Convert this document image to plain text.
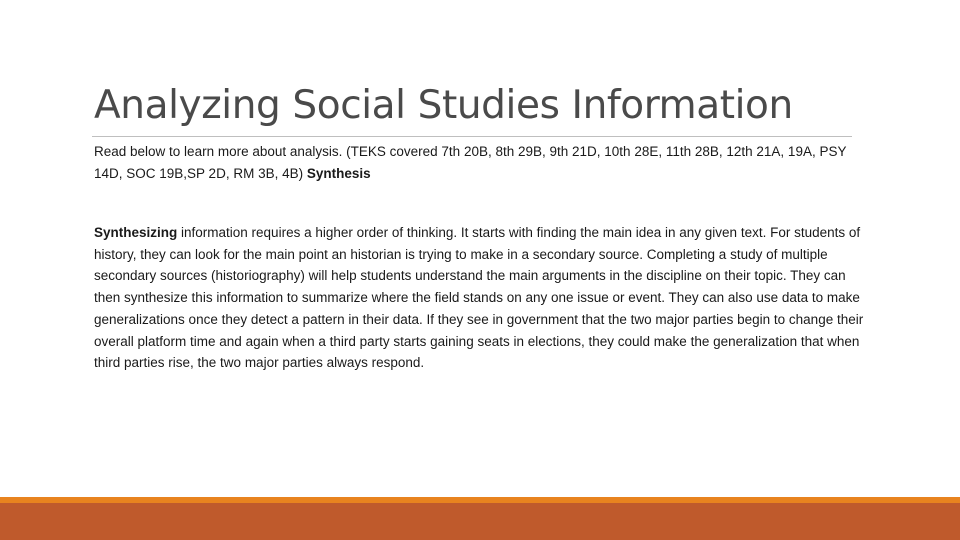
Analyzing Social Studies Information

Read below to learn more about analysis. (TEKS covered 7th 20B, 8th 29B, 9th 21D, 10th 28E, 11th 28B, 12th 21A, 19A, PSY 14D, SOC 19B,SP 2D, RM 3B, 4B) Synthesis

Synthesizing information requires a higher order of thinking. It starts with finding the main idea in any given text. For students of history, they can look for the main point an historian is trying to make in a secondary source. Completing a study of multiple secondary sources (historiography) will help students understand the main arguments in the discipline on their topic. They can then synthesize this information to summarize where the field stands on any one issue or event. They can also use data to make generalizations once they detect a pattern in their data. If they see in government that the two major parties begin to change their overall platform time and again when a third party starts gaining seats in elections, they could make the generalization that when third parties rise, the two major parties always respond.
